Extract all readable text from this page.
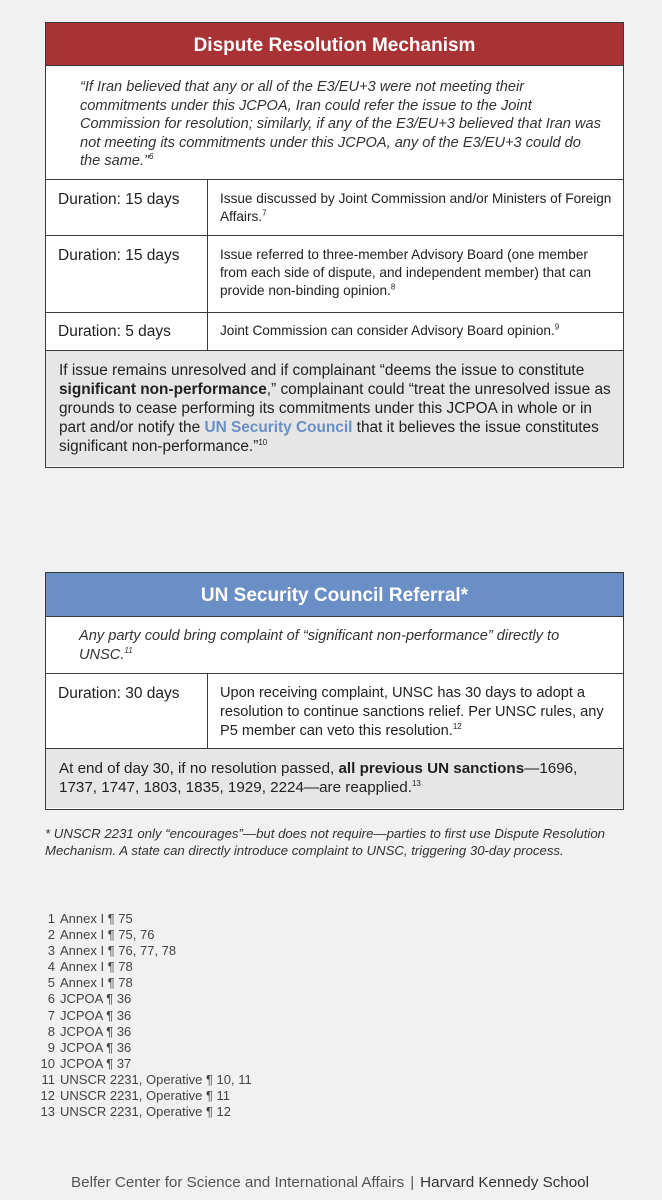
Dispute Resolution Mechanism
“If Iran believed that any or all of the E3/EU+3 were not meeting their commitments under this JCPOA, Iran could refer the issue to the Joint Commission for resolution; similarly, if any of the E3/EU+3 believed that Iran was not meeting its commitments under this JCPOA, any of the E3/EU+3 could do the same.”$^6$
Duration: 15 days	Issue discussed by Joint Commission and/or Ministers of Foreign Affairs.$^7$
Duration: 15 days	Issue referred to three-member Advisory Board (one member from each side of dispute, and independent member) that can provide non-binding opinion.$^8$
Duration: 5 days	Joint Commission can consider Advisory Board opinion.$^9$
If issue remains unresolved and if complainant “deems the issue to constitute significant non-performance,” complainant could “treat the unresolved issue as grounds to cease performing its commitments under this JCPOA in whole or in part and/or notify the UN Security Council that it believes the issue constitutes significant non-performance.”$^{10}$
UN Security Council Referral*
Any party could bring complaint of “significant non-performance” directly to UNSC.$^{11}$
Duration: 30 days	Upon receiving complaint, UNSC has 30 days to adopt a resolution to continue sanctions relief. Per UNSC rules, any P5 member can veto this resolution.$^{12}$
At end of day 30, if no resolution passed, all previous UN sanctions—1696, 1737, 1747, 1803, 1835, 1929, 2224—are reapplied.$^{13}$
* UNSCR 2231 only “encourages”—but does not require—parties to first use Dispute Resolution Mechanism. A state can directly introduce complaint to UNSC, triggering 30-day process.
1 Annex I ¶ 75
2 Annex I ¶ 75, 76
3 Annex I ¶ 76, 77, 78
4 Annex I ¶ 78
5 Annex I ¶ 78
6 JCPOA ¶ 36
7 JCPOA ¶ 36
8 JCPOA ¶ 36
9 JCPOA ¶ 36
10 JCPOA ¶ 37
11 UNSCR 2231, Operative ¶ 10, 11
12 UNSCR 2231, Operative ¶ 11
13 UNSCR 2231, Operative ¶ 12
Belfer Center for Science and International Affairs | Harvard Kennedy School
